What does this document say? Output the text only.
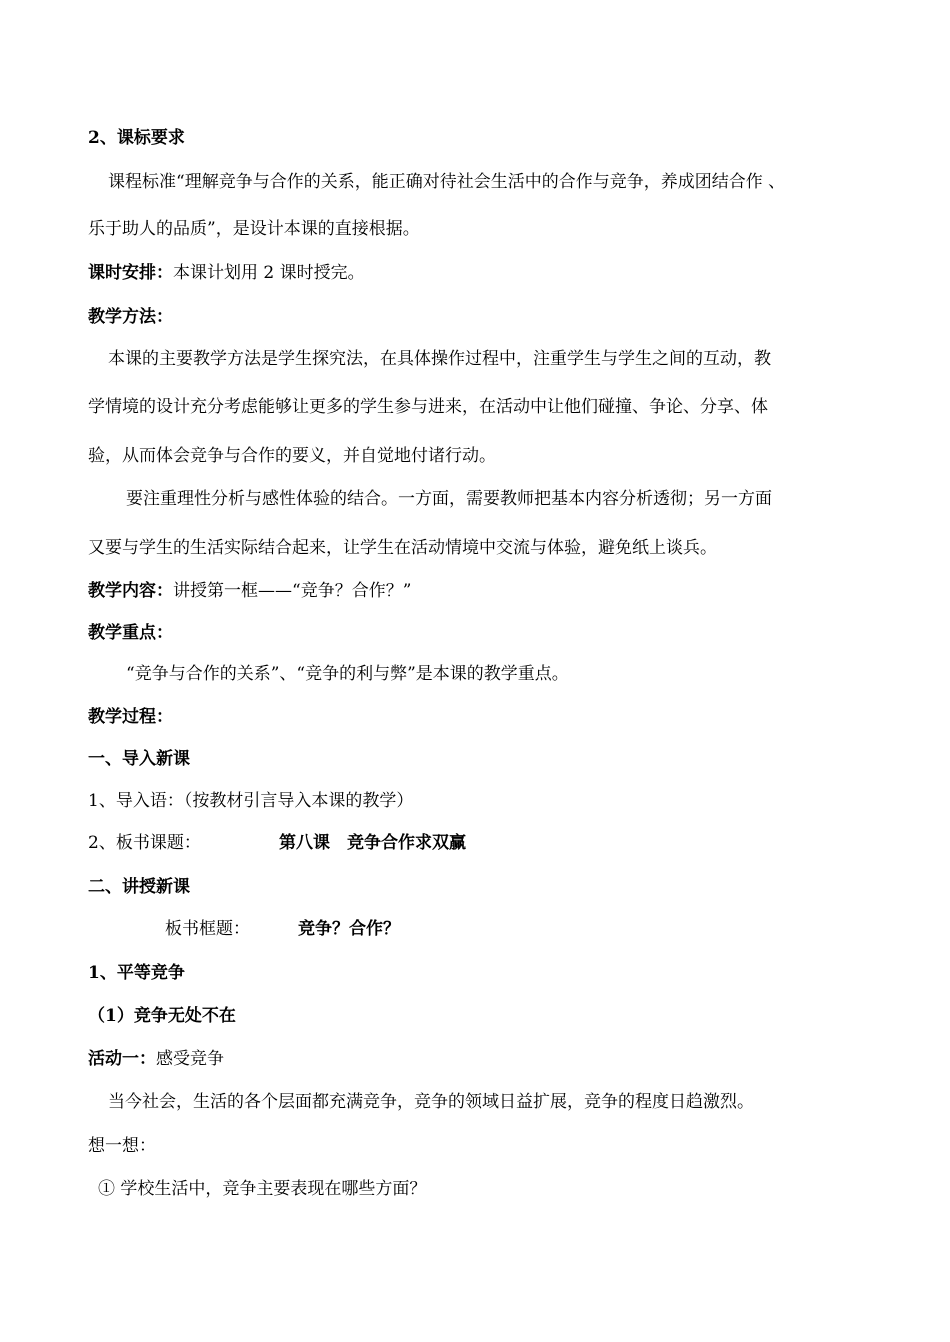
2、课标要求
课程标准“理解竞争与合作的关系，能正确对待社会生活中的合作与竞争，养成团结合作 、
乐于助人的品质”，是设计本课的直接根据。
课时安排：本课计划用 2 课时授完。
教学方法：
本课的主要教学方法是学生探究法，在具体操作过程中，注重学生与学生之间的互动，教
学情境的设计充分考虑能够让更多的学生参与进来，在活动中让他们碰撞、争论、分享、体
验，从而体会竞争与合作的要义，并自觉地付诸行动。
要注重理性分析与感性体验的结合。一方面，需要教师把基本内容分析透彻；另一方面
又要与学生的生活实际结合起来，让学生在活动情境中交流与体验，避免纸上谈兵。
教学内容：讲授第一框——“竞争？合作？”
教学重点：
“竞争与合作的关系”、“竞争的利与弊”是本课的教学重点。
教学过程：
一、导入新课
1、导入语：（按教材引言导入本课的教学）
2、板书课题：	第八课　竞争合作求双赢
二、讲授新课
板书框题：	竞争？合作？
1、平等竞争
（1）竞争无处不在
活动一：感受竞争
当今社会，生活的各个层面都充满竞争，竞争的领域日益扩展，竞争的程度日趋激烈。
想一想：
① 学校生活中，竞争主要表现在哪些方面？
